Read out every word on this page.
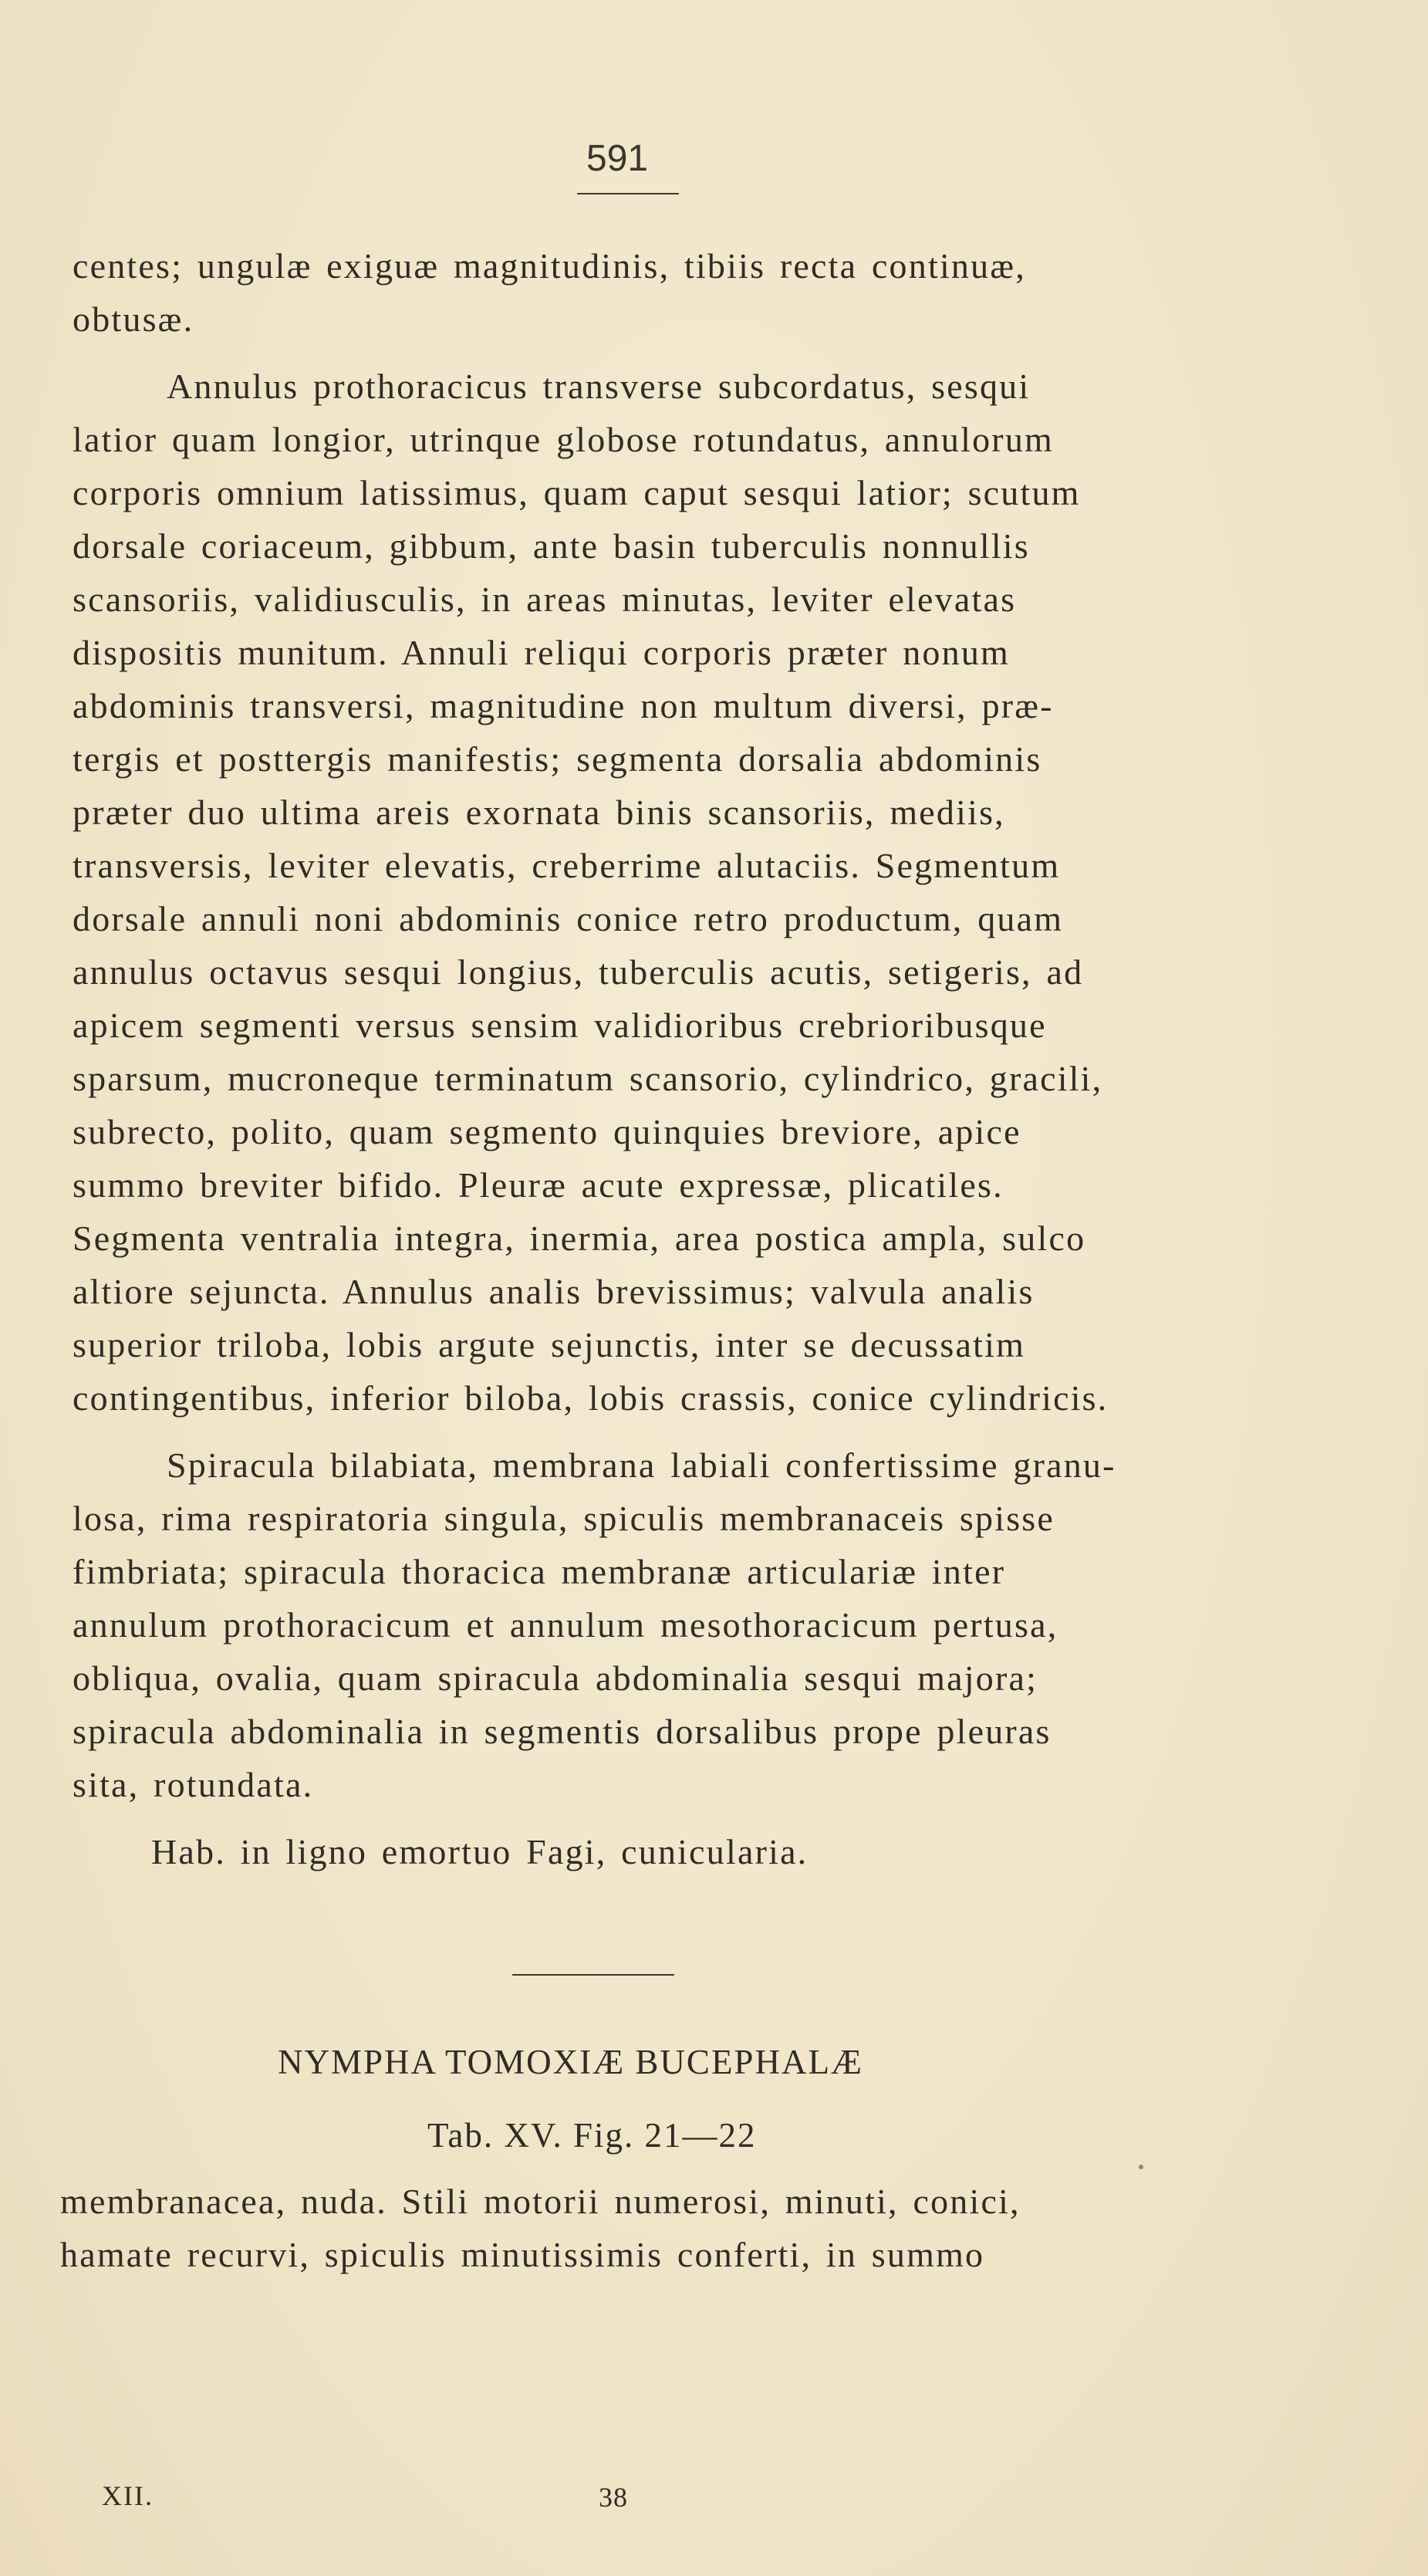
591
centes; ungulæ exiguæ magnitudinis, tibiis recta continuæ,
obtusæ.
Annulus prothoracicus transverse subcordatus, sesqui
latior quam longior, utrinque globose rotundatus, annulorum
corporis omnium latissimus, quam caput sesqui latior; scutum
dorsale coriaceum, gibbum, ante basin tuberculis nonnullis
scansoriis, validiusculis, in areas minutas, leviter elevatas
dispositis munitum. Annuli reliqui corporis præter nonum
abdominis transversi, magnitudine non multum diversi, præ-
tergis et posttergis manifestis; segmenta dorsalia abdominis
præter duo ultima areis exornata binis scansoriis, mediis,
transversis, leviter elevatis, creberrime alutaciis. Segmentum
dorsale annuli noni abdominis conice retro productum, quam
annulus octavus sesqui longius, tuberculis acutis, setigeris, ad
apicem segmenti versus sensim validioribus crebrioribusque
sparsum, mucroneque terminatum scansorio, cylindrico, gracili,
subrecto, polito, quam segmento quinquies breviore, apice
summo breviter bifido. Pleuræ acute expressæ, plicatiles.
Segmenta ventralia integra, inermia, area postica ampla, sulco
altiore sejuncta. Annulus analis brevissimus; valvula analis
superior triloba, lobis argute sejunctis, inter se decussatim
contingentibus, inferior biloba, lobis crassis, conice cylindricis.
Spiracula bilabiata, membrana labiali confertissime granu-
losa, rima respiratoria singula, spiculis membranaceis spisse
fimbriata; spiracula thoracica membranæ articulariæ inter
annulum prothoracicum et annulum mesothoracicum pertusa,
obliqua, ovalia, quam spiracula abdominalia sesqui majora;
spiracula abdominalia in segmentis dorsalibus prope pleuras
sita, rotundata.
Hab. in ligno emortuo Fagi, cunicularia.
NYMPHA TOMOXIÆ BUCEPHALÆ
Tab. XV. Fig. 21—22
membranacea, nuda. Stili motorii numerosi, minuti, conici,
hamate recurvi, spiculis minutissimis conferti, in summo
XII.	38
